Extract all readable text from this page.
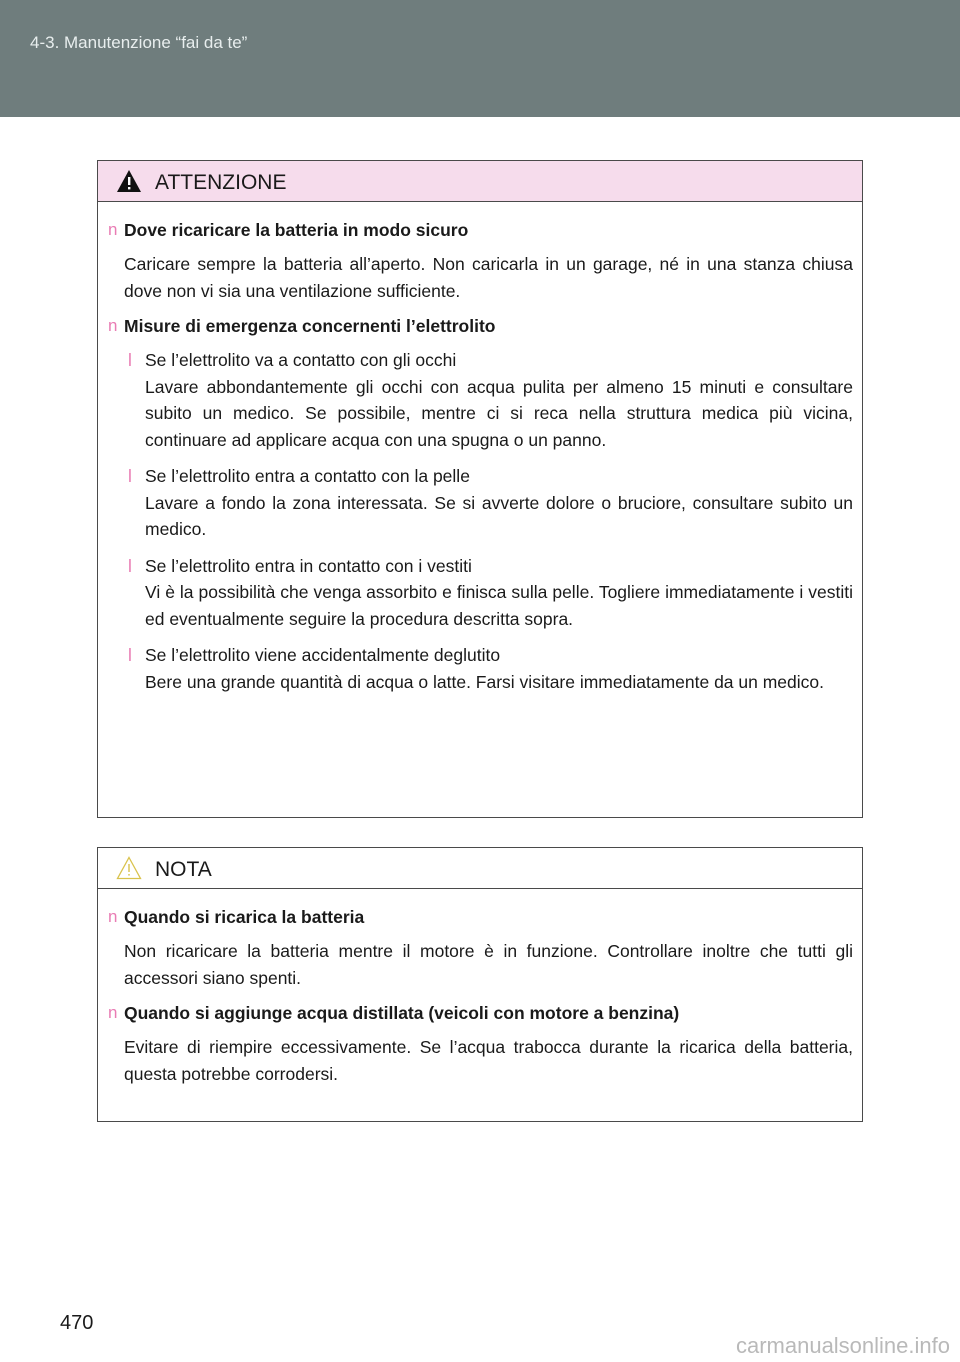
4-3. Manutenzione “fai da te”
ATTENZIONE
n Dove ricaricare la batteria in modo sicuro
Caricare sempre la batteria all’aperto. Non caricarla in un garage, né in una stanza chiusa dove non vi sia una ventilazione sufficiente.
n Misure di emergenza concernenti l’elettrolito
l Se l’elettrolito va a contatto con gli occhi
Lavare abbondantemente gli occhi con acqua pulita per almeno 15 minuti e consultare subito un medico. Se possibile, mentre ci si reca nella struttura medica più vicina, continuare ad applicare acqua con una spugna o un panno.
l Se l’elettrolito entra a contatto con la pelle
Lavare a fondo la zona interessata. Se si avverte dolore o bruciore, consultare subito un medico.
l Se l’elettrolito entra in contatto con i vestiti
Vi è la possibilità che venga assorbito e finisca sulla pelle. Togliere immediatamente i vestiti ed eventualmente seguire la procedura descritta sopra.
l Se l’elettrolito viene accidentalmente deglutito
Bere una grande quantità di acqua o latte. Farsi visitare immediatamente da un medico.
NOTA
n Quando si ricarica la batteria
Non ricaricare la batteria mentre il motore è in funzione. Controllare inoltre che tutti gli accessori siano spenti.
n Quando si aggiunge acqua distillata (veicoli con motore a benzina)
Evitare di riempire eccessivamente. Se l’acqua trabocca durante la ricarica della batteria, questa potrebbe corrodersi.
470
carmanualsonline.info
